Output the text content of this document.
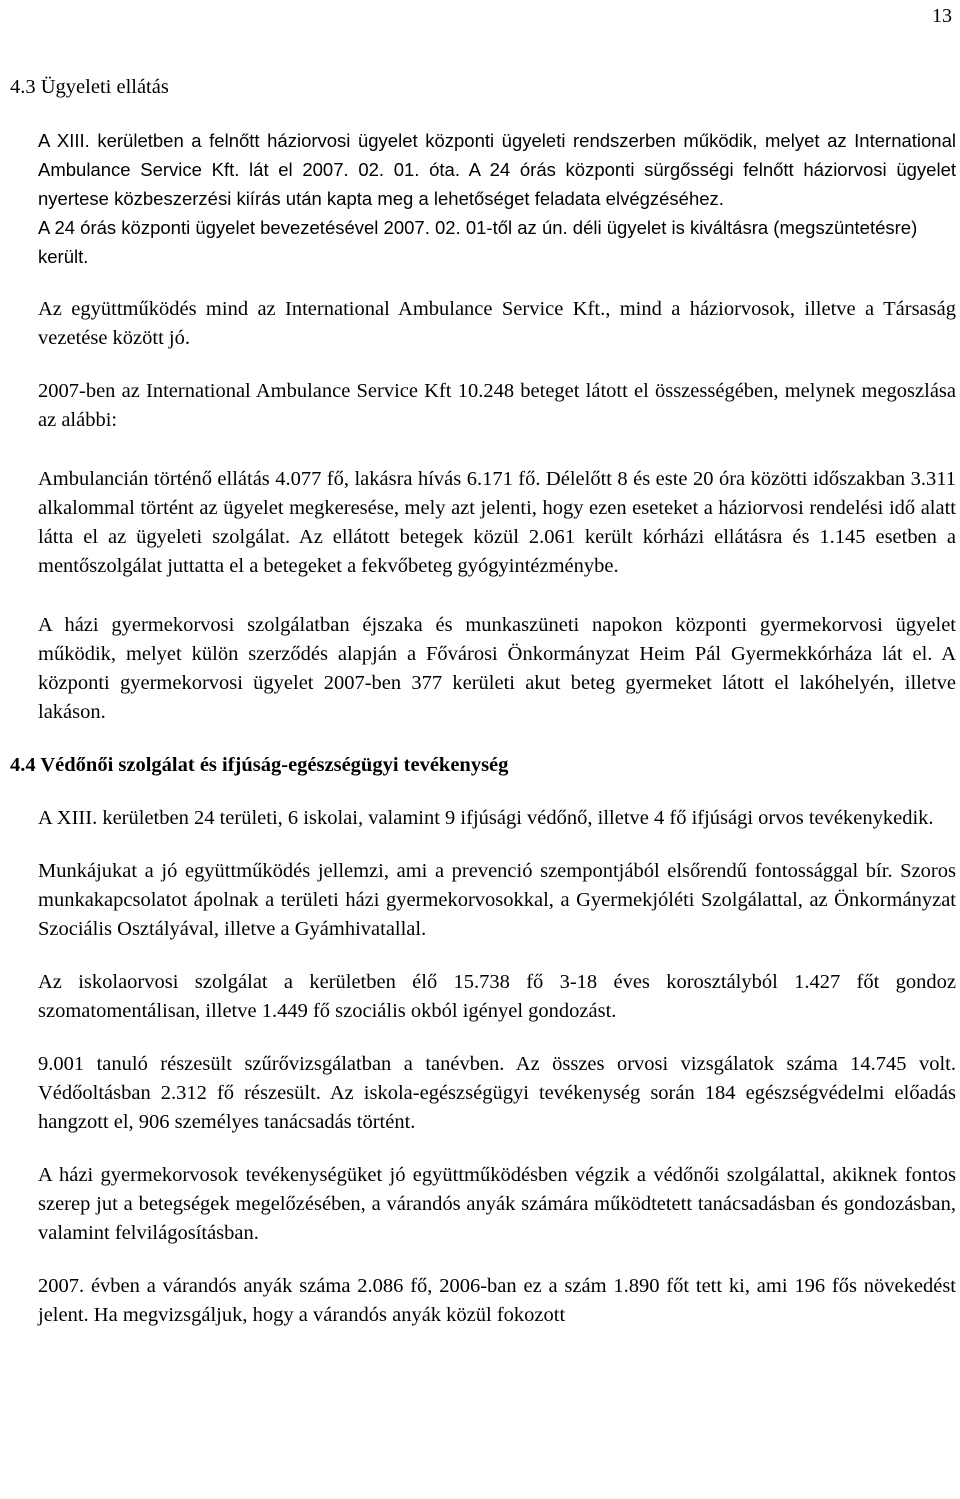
13
4.3 Ügyeleti ellátás

A XIII. kerületben a felnőtt háziorvosi ügyelet központi ügyeleti rendszerben működik, melyet az International Ambulance Service Kft. lát el 2007. 02. 01. óta. A 24 órás központi sürgősségi felnőtt háziorvosi ügyelet nyertese közbeszerzési kiírás után kapta meg a lehetőséget feladata elvégzéséhez.

A 24 órás központi ügyelet bevezetésével 2007. 02. 01-től az ún. déli ügyelet is kiváltásra (megszüntetésre) került.

Az együttműködés mind az International Ambulance Service Kft., mind a háziorvosok, illetve a Társaság vezetése között jó.

2007-ben az International Ambulance Service Kft 10.248 beteget látott el összességében, melynek megoszlása az alábbi:

Ambulancián történő ellátás 4.077 fő, lakásra hívás 6.171 fő. Délelőtt 8 és este 20 óra közötti időszakban 3.311 alkalommal történt az ügyelet megkeresése, mely azt jelenti, hogy ezen eseteket a háziorvosi rendelési idő alatt látta el az ügyeleti szolgálat. Az ellátott betegek közül 2.061 került kórházi ellátásra és 1.145 esetben a mentőszolgálat juttatta el a betegeket a fekvőbeteg gyógyintézménybe.

A házi gyermekorvosi szolgálatban éjszaka és munkaszüneti napokon központi gyermekorvosi ügyelet működik, melyet külön szerződés alapján a Fővárosi Önkormányzat Heim Pál Gyermekkórháza lát el. A központi gyermekorvosi ügyelet 2007-ben 377 kerületi akut beteg gyermeket látott el lakóhelyén, illetve lakáson.

4.4 Védőnői szolgálat és ifjúság-egészségügyi tevékenység

A XIII. kerületben 24 területi, 6 iskolai, valamint 9 ifjúsági védőnő, illetve 4 fő ifjúsági orvos tevékenykedik.

Munkájukat a jó együttműködés jellemzi, ami a prevenció szempontjából elsőrendű fontossággal bír. Szoros munkakapcsolatot ápolnak a területi házi gyermekorvosokkal, a Gyermekjóléti Szolgálattal, az Önkormányzat Szociális Osztályával, illetve a Gyámhivatallal.

Az iskolaorvosi szolgálat a kerületben élő 15.738 fő 3-18 éves korosztályból 1.427 főt gondoz szomatomentálisan, illetve 1.449 fő szociális okból igényel gondozást.

9.001 tanuló részesült szűrővizsgálatban a tanévben. Az összes orvosi vizsgálatok száma 14.745 volt. Védőoltásban 2.312 fő részesült. Az iskola-egészségügyi tevékenység során 184 egészségvédelmi előadás hangzott el, 906 személyes tanácsadás történt.

A házi gyermekorvosok tevékenységüket jó együttműködésben végzik a védőnői szolgálattal, akiknek fontos szerep jut a betegségek megelőzésében, a várandós anyák számára működtetett tanácsadásban és gondozásban, valamint felvilágosításban.

2007. évben a várandós anyák száma 2.086 fő, 2006-ban ez a szám 1.890 főt tett ki, ami 196 fős növekedést jelent. Ha megvizsgáljuk, hogy a várandós anyák közül fokozott
